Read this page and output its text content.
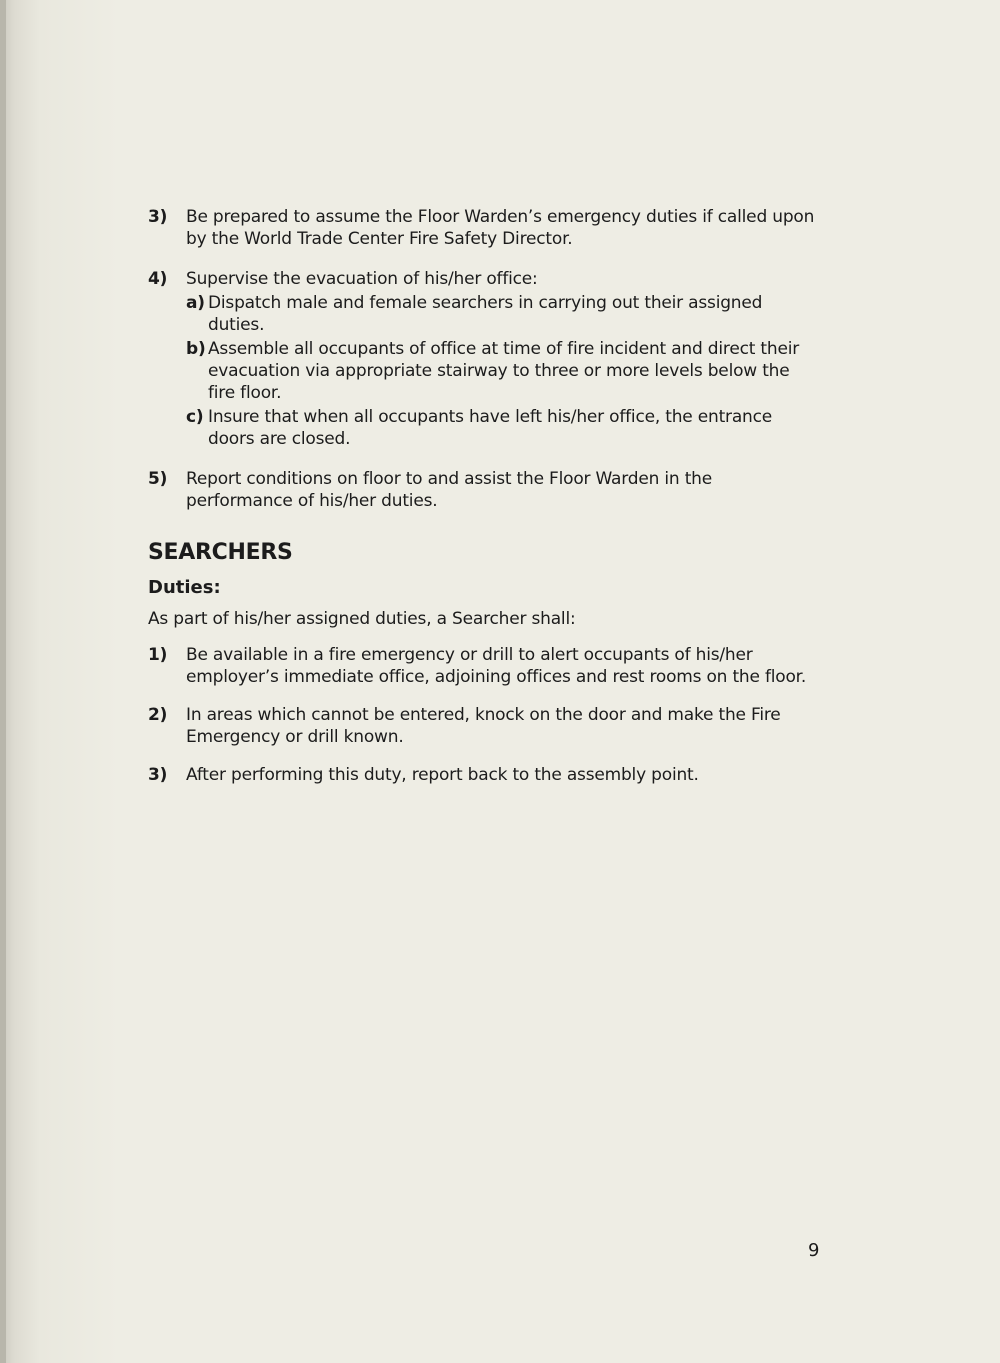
3) Be prepared to assume the Floor Warden’s emergency duties if called upon by the World Trade Center Fire Safety Director.
4) Supervise the evacuation of his/her office:
a) Dispatch male and female searchers in carrying out their assigned duties.
b) Assemble all occupants of office at time of fire incident and direct their evacuation via appropriate stairway to three or more levels below the fire floor.
c) Insure that when all occupants have left his/her office, the entrance doors are closed.
5) Report conditions on floor to and assist the Floor Warden in the performance of his/her duties.
SEARCHERS
Duties:
As part of his/her assigned duties, a Searcher shall:
1) Be available in a fire emergency or drill to alert occupants of his/her employer’s immediate office, adjoining offices and rest rooms on the floor.
2) In areas which cannot be entered, knock on the door and make the Fire Emergency or drill known.
3) After performing this duty, report back to the assembly point.
9
